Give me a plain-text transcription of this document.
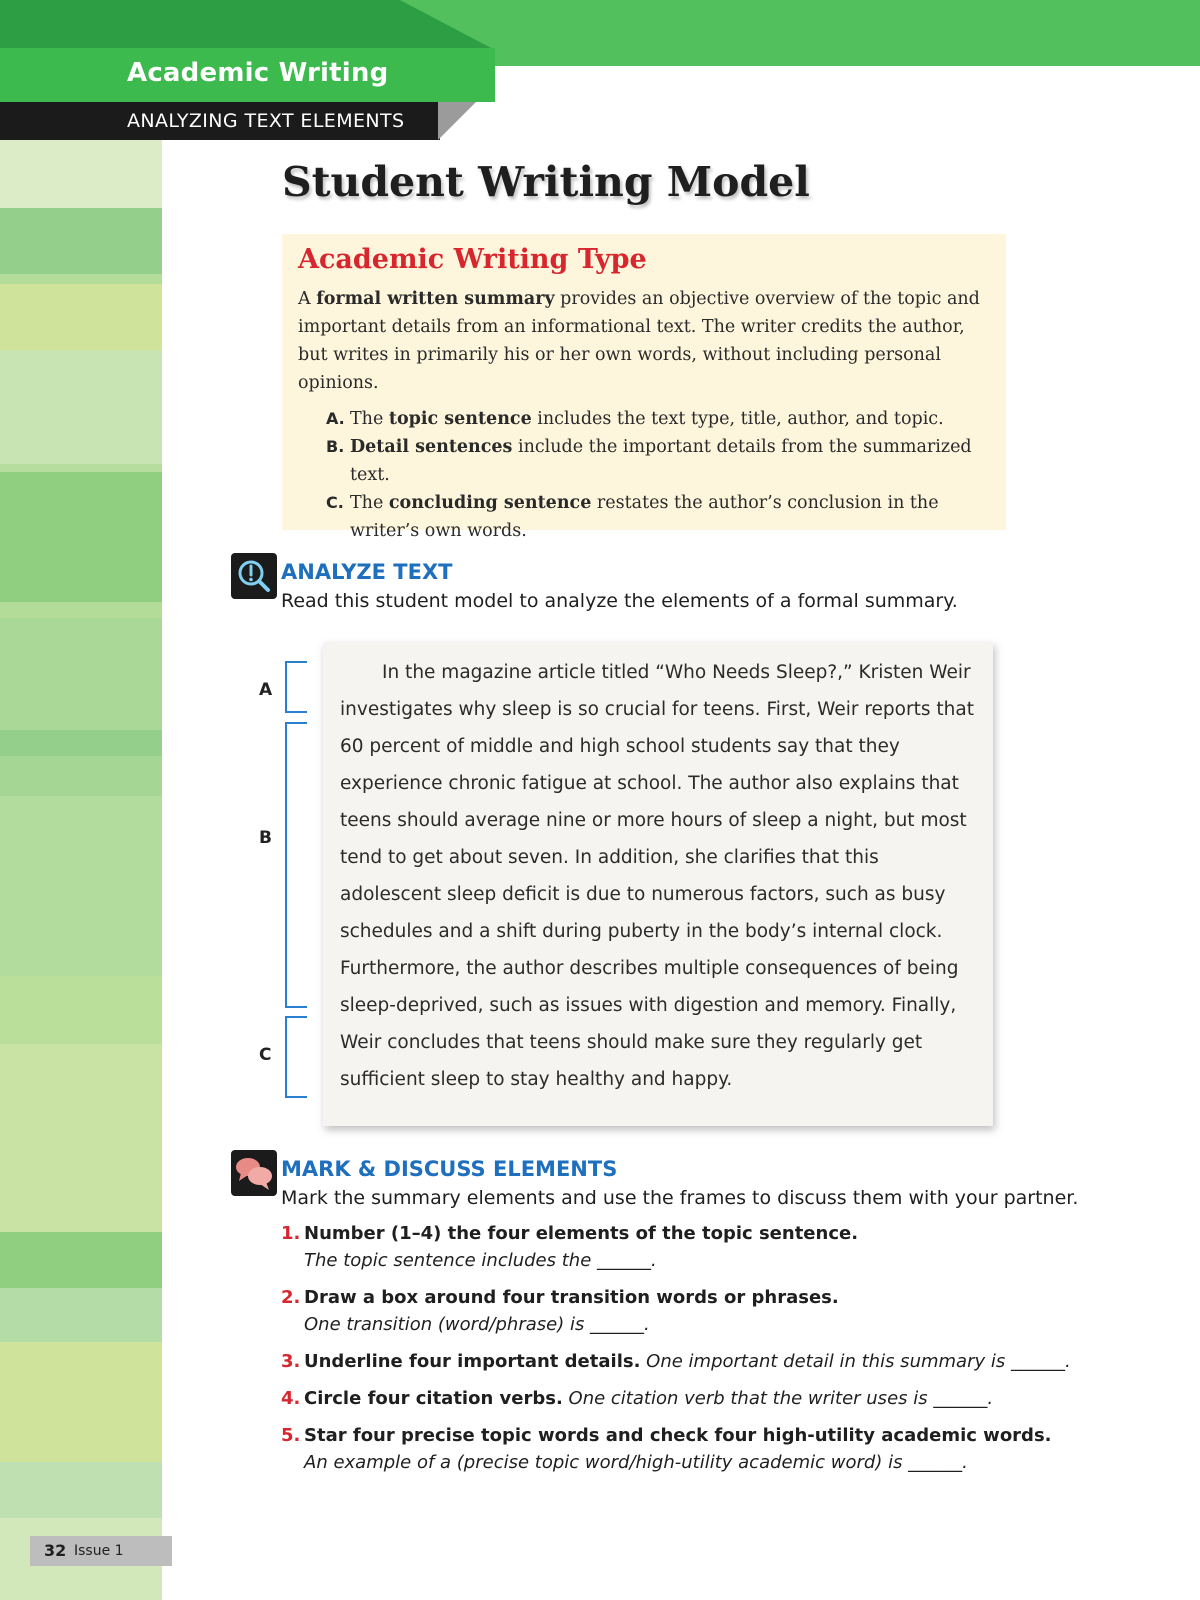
Academic Writing
ANALYZING TEXT ELEMENTS
Student Writing Model
Academic Writing Type
A formal written summary provides an objective overview of the topic and important details from an informational text. The writer credits the author, but writes in primarily his or her own words, without including personal opinions.
A. The topic sentence includes the text type, title, author, and topic.
B. Detail sentences include the important details from the summarized text.
C. The concluding sentence restates the author’s conclusion in the writer’s own words.
ANALYZE TEXT
Read this student model to analyze the elements of a formal summary.
A
B
C

In the magazine article titled “Who Needs Sleep?,” Kristen Weir investigates why sleep is so crucial for teens. First, Weir reports that 60 percent of middle and high school students say that they experience chronic fatigue at school. The author also explains that teens should average nine or more hours of sleep a night, but most tend to get about seven. In addition, she clarifies that this adolescent sleep deficit is due to numerous factors, such as busy schedules and a shift during puberty in the body’s internal clock. Furthermore, the author describes multiple consequences of being sleep-deprived, such as issues with digestion and memory. Finally, Weir concludes that teens should make sure they regularly get sufficient sleep to stay healthy and happy.

MARK & DISCUSS ELEMENTS
Mark the summary elements and use the frames to discuss them with your partner.
1. Number (1–4) the four elements of the topic sentence.
The topic sentence includes the ______.
2. Draw a box around four transition words or phrases.
One transition (word/phrase) is ______.
3. Underline four important details. One important detail in this summary is ______.
4. Circle four citation verbs. One citation verb that the writer uses is ______.
5. Star four precise topic words and check four high-utility academic words.
An example of a (precise topic word/high-utility academic word) is ______.
32 Issue 1
